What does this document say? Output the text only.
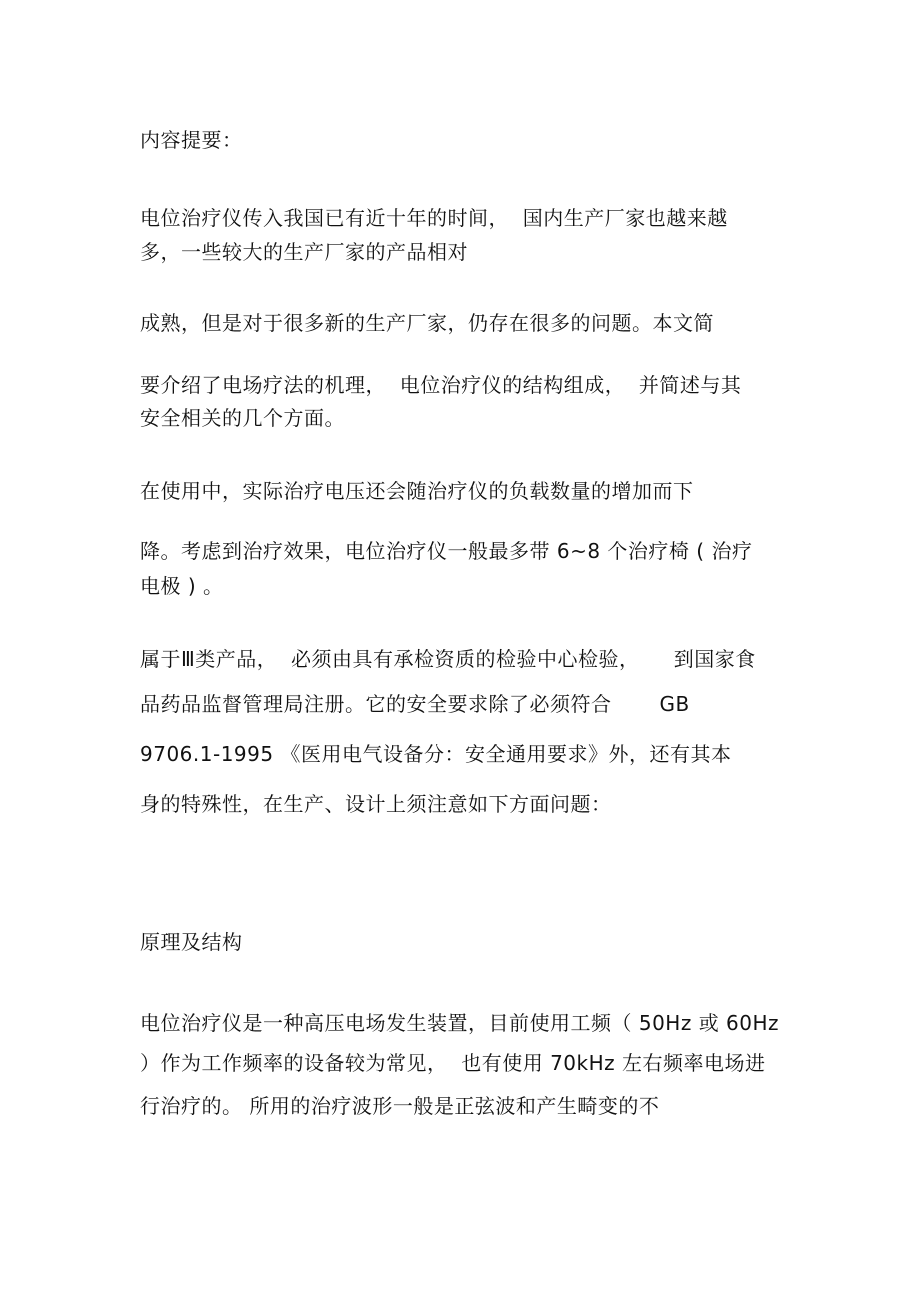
内容提要：
电位治疗仪传入我国已有近十年的时间，  国内生产厂家也越来越
多，一些较大的生产厂家的产品相对
成熟，但是对于很多新的生产厂家，仍存在很多的问题。本文简
要介绍了电场疗法的机理，  电位治疗仪的结构组成，  并简述与其
安全相关的几个方面。
在使用中，实际治疗电压还会随治疗仪的负载数量的增加而下
降。考虑到治疗效果，电位治疗仪一般最多带 6~8 个治疗椅 ( 治疗
电极 ) 。
属于Ⅲ类产品，  必须由具有承检资质的检验中心检验，     到国家食
品药品监督管理局注册。它的安全要求除了必须符合       GB
9706.1-1995 《医用电气设备分：安全通用要求》外，还有其本
身的特殊性，在生产、设计上须注意如下方面问题：
原理及结构
电位治疗仪是一种高压电场发生装置，目前使用工频（ 50Hz 或 60Hz
）作为工作频率的设备较为常见，  也有使用 70kHz 左右频率电场进
行治疗的。 所用的治疗波形一般是正弦波和产生畸变的不
